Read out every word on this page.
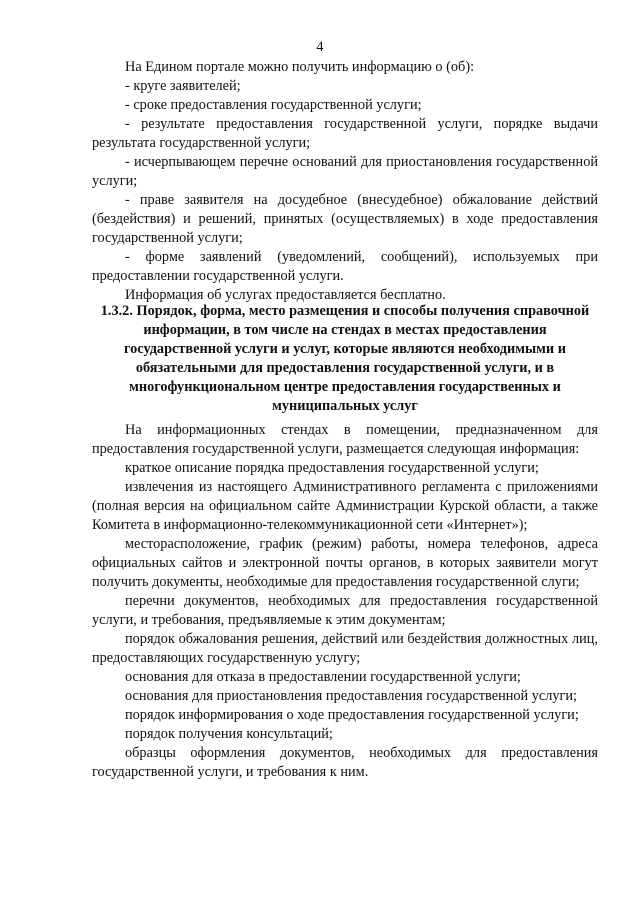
4

На Едином портале можно получить информацию о (об):

- круге заявителей;

- сроке предоставления государственной услуги;

- результате предоставления государственной услуги, порядке выдачи результата государственной услуги;

- исчерпывающем перечне оснований для приостановления государственной услуги;

- праве заявителя на досудебное (внесудебное) обжалование действий (бездействия) и решений, принятых (осуществляемых) в ходе предоставления государственной услуги;

- форме заявлений (уведомлений, сообщений), используемых при предоставлении государственной услуги.

Информация об услугах предоставляется бесплатно.

1.3.2. Порядок, форма, место размещения и способы получения справочной информации, в том числе на стендах в местах предоставления государственной услуги и услуг, которые являются необходимыми и обязательными для предоставления государственной услуги, и в многофункциональном центре предоставления государственных и муниципальных услуг

На информационных стендах в помещении, предназначенном для предоставления государственной услуги, размещается следующая информация:

краткое описание порядка предоставления государственной услуги;

извлечения из настоящего Административного регламента с приложениями (полная версия на официальном сайте Администрации Курской области, а также Комитета в информационно-телекоммуникационной сети «Интернет»);

месторасположение, график (режим) работы, номера телефонов, адреса официальных сайтов и электронной почты органов, в которых заявители могут получить документы, необходимые для предоставления государственной слуги;

перечни документов, необходимых для предоставления государственной услуги, и требования, предъявляемые к этим документам;

порядок обжалования решения, действий или бездействия должностных лиц, предоставляющих государственную услугу;

основания для отказа в предоставлении государственной услуги;

основания для приостановления предоставления государственной услуги;

порядок информирования о ходе предоставления государственной услуги;

порядок получения консультаций;

образцы оформления документов, необходимых для предоставления государственной услуги, и требования к ним.
